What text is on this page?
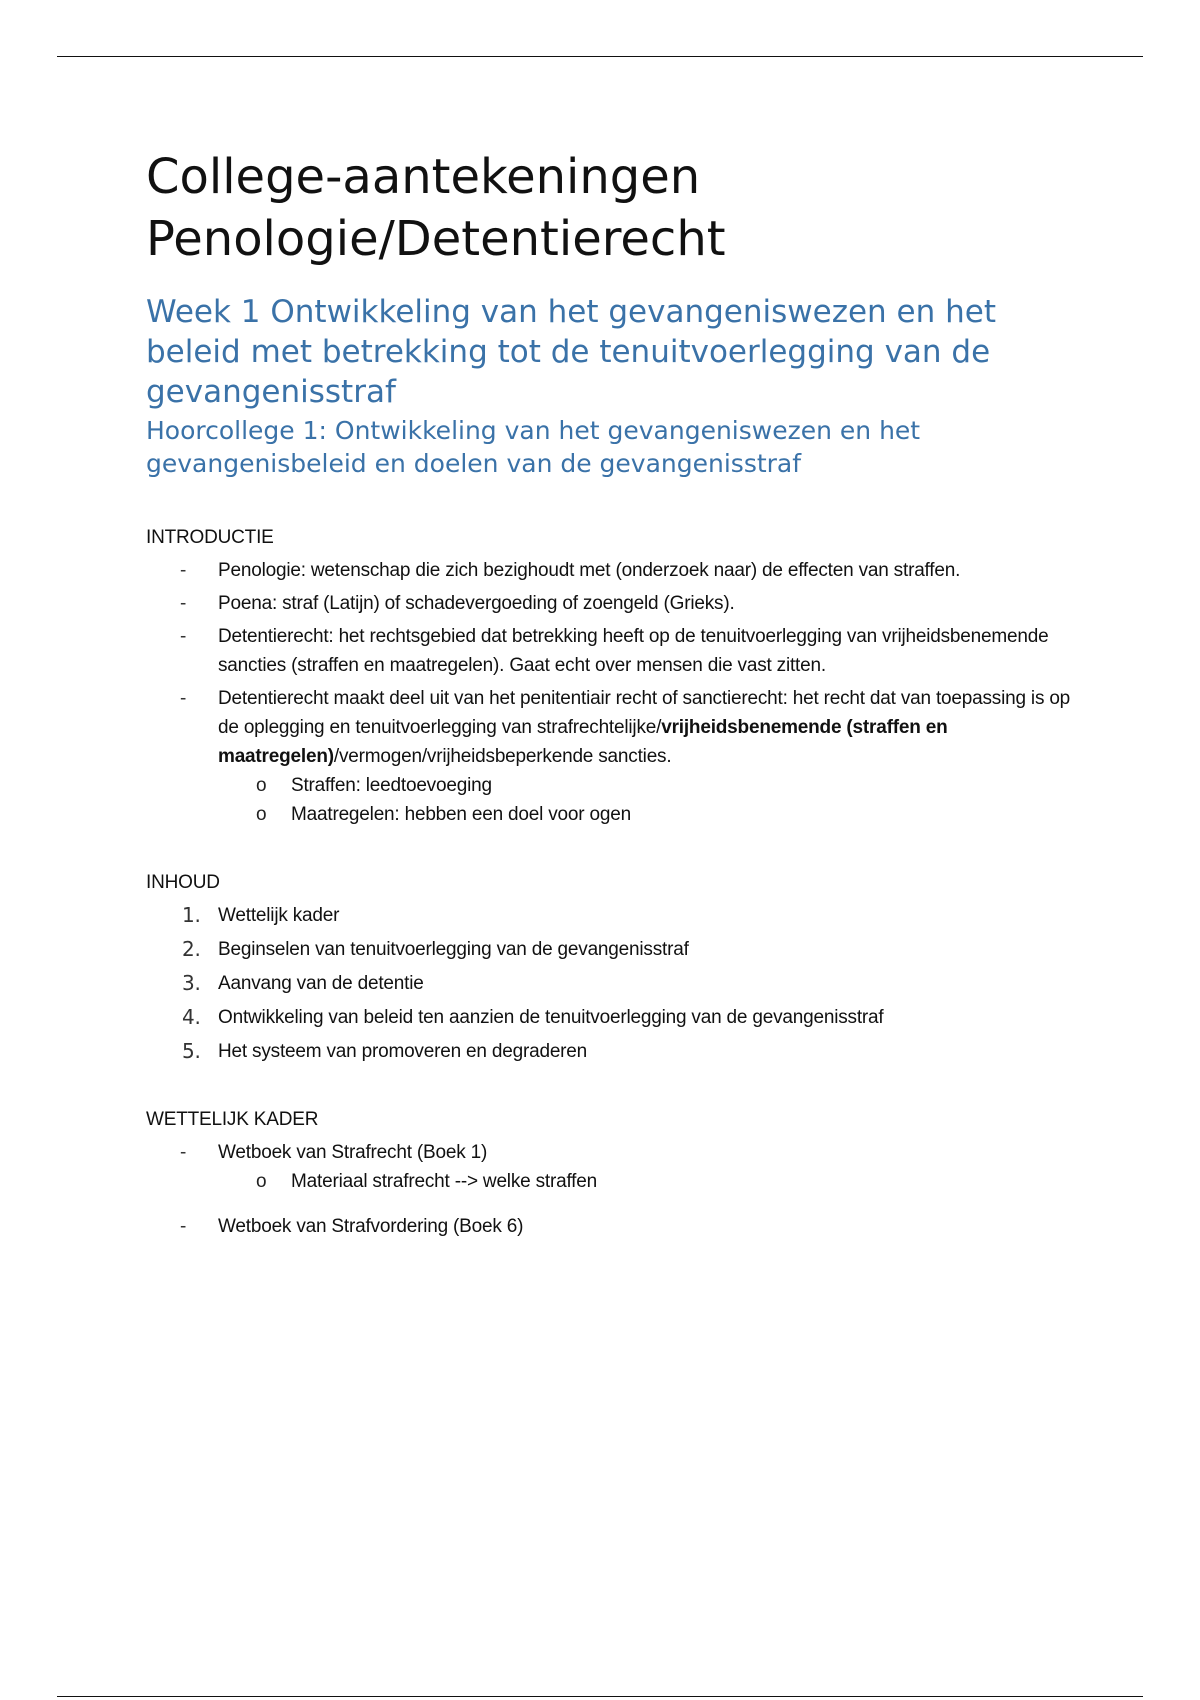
College-aantekeningen
Penologie/Detentierecht
Week 1 Ontwikkeling van het gevangeniswezen en het beleid met betrekking tot de tenuitvoerlegging van de gevangenisstraf
Hoorcollege 1: Ontwikkeling van het gevangeniswezen en het gevangenisbeleid en doelen van de gevangenisstraf

INTRODUCTIE

- Penologie: wetenschap die zich bezighoudt met (onderzoek naar) de effecten van straffen.
- Poena: straf (Latijn) of schadevergoeding of zoengeld (Grieks).
- Detentierecht: het rechtsgebied dat betrekking heeft op de tenuitvoerlegging van vrijheidsbenemende sancties (straffen en maatregelen). Gaat echt over mensen die vast zitten.
- Detentierecht maakt deel uit van het penitentiair recht of sanctierecht: het recht dat van toepassing is op de oplegging en tenuitvoerlegging van strafrechtelijke/vrijheidsbenemende (straffen en maatregelen)/vermogen/vrijheidsbeperkende sancties.
o Straffen: leedtoevoeging
o Maatregelen: hebben een doel voor ogen

INHOUD

1. Wettelijk kader
2. Beginselen van tenuitvoerlegging van de gevangenisstraf
3. Aanvang van de detentie
4. Ontwikkeling van beleid ten aanzien de tenuitvoerlegging van de gevangenisstraf
5. Het systeem van promoveren en degraderen

WETTELIJK KADER

- Wetboek van Strafrecht (Boek 1)
o Materiaal strafrecht --> welke straffen
- Wetboek van Strafvordering (Boek 6)
